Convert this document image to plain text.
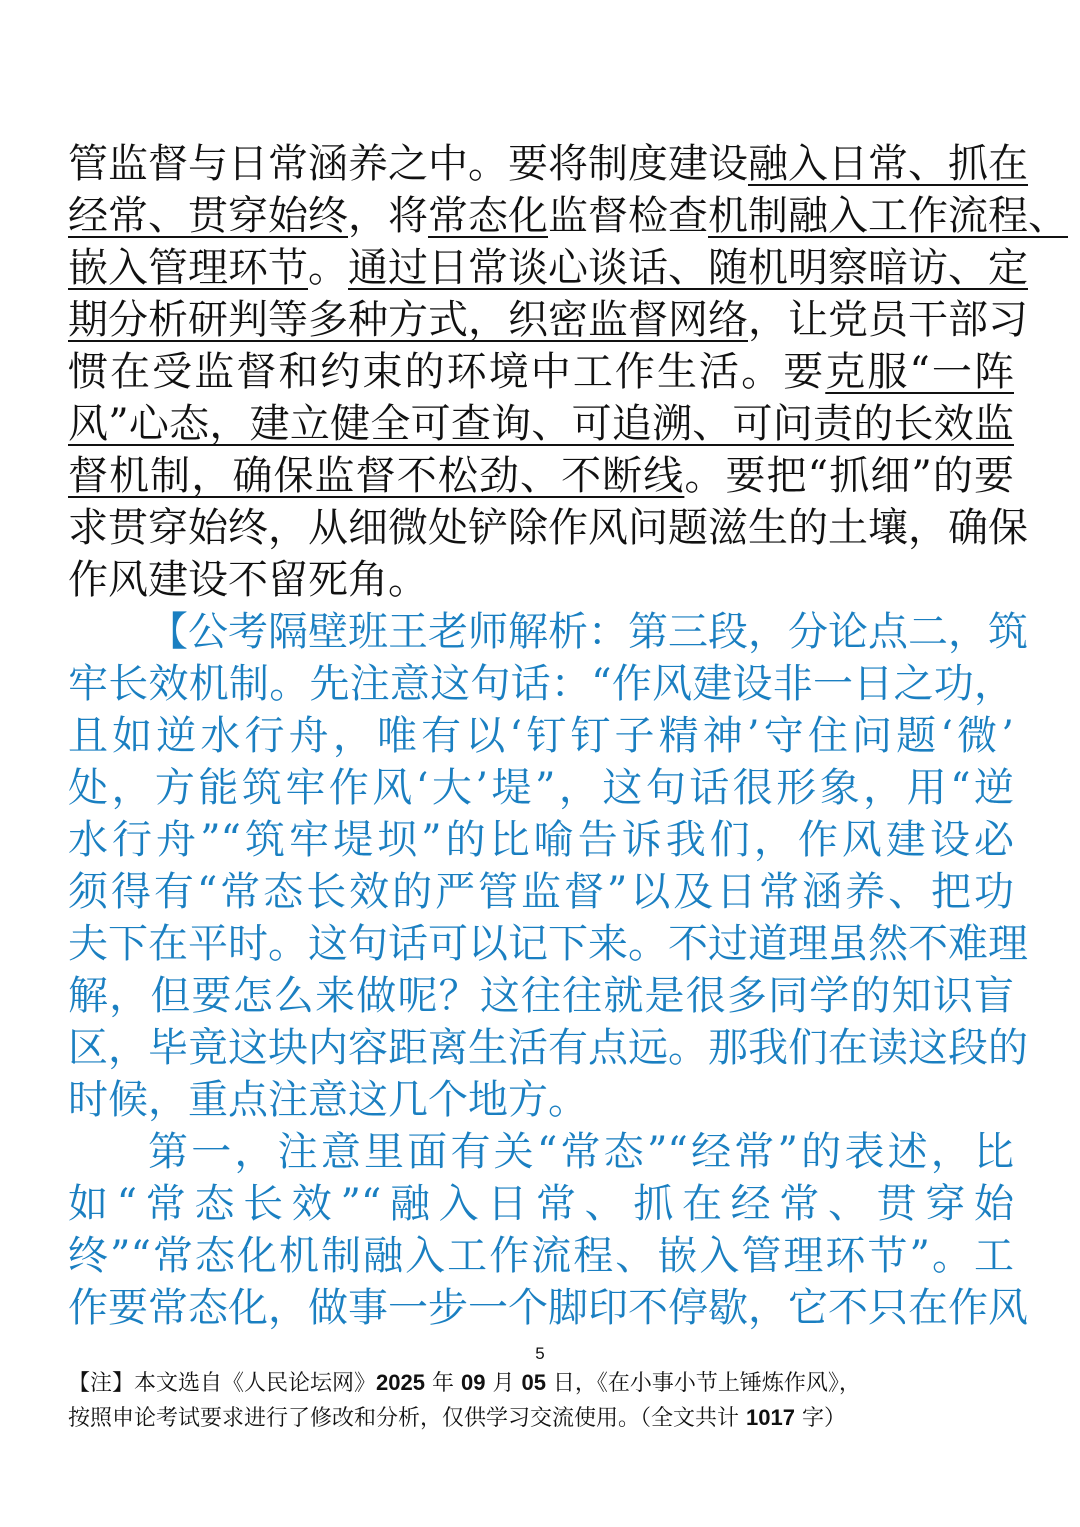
管监督与日常涵养之中。要将制度建设融入日常、抓在
经常、贯穿始终，将常态化监督检查机制融入工作流程、
嵌入管理环节。通过日常谈心谈话、随机明察暗访、定
期分析研判等多种方式，织密监督网络，让党员干部习
惯在受监督和约束的环境中工作生活。要克服“一阵
风”心态，建立健全可查询、可追溯、可问责的长效监
督机制，确保监督不松劲、不断线。要把“抓细”的要
求贯穿始终，从细微处铲除作风问题滋生的土壤，确保
作风建设不留死角。
【公考隔壁班王老师解析：第三段，分论点二，筑
牢长效机制。先注意这句话：“作风建设非一日之功，
且如逆水行舟，唯有以‘钉钉子精神’守住问题‘微’
处，方能筑牢作风‘大’堤”，这句话很形象，用“逆
水行舟”“筑牢堤坝”的比喻告诉我们，作风建设必
须得有“常态长效的严管监督”以及日常涵养、把功
夫下在平时。这句话可以记下来。不过道理虽然不难理
解，但要怎么来做呢？这往往就是很多同学的知识盲
区，毕竟这块内容距离生活有点远。那我们在读这段的
时候，重点注意这几个地方。
第一，注意里面有关“常态”“经常”的表述，比
如“常态长效”“融入日常、抓在经常、贯穿始
终”“常态化机制融入工作流程、嵌入管理环节”。工
作要常态化，做事一步一个脚印不停歇，它不只在作风
5
【注】本文选自《人民论坛网》2025 年 09 月 05 日，《在小事小节上锤炼作风》，
按照申论考试要求进行了修改和分析，仅供学习交流使用。（全文共计 1017 字）
